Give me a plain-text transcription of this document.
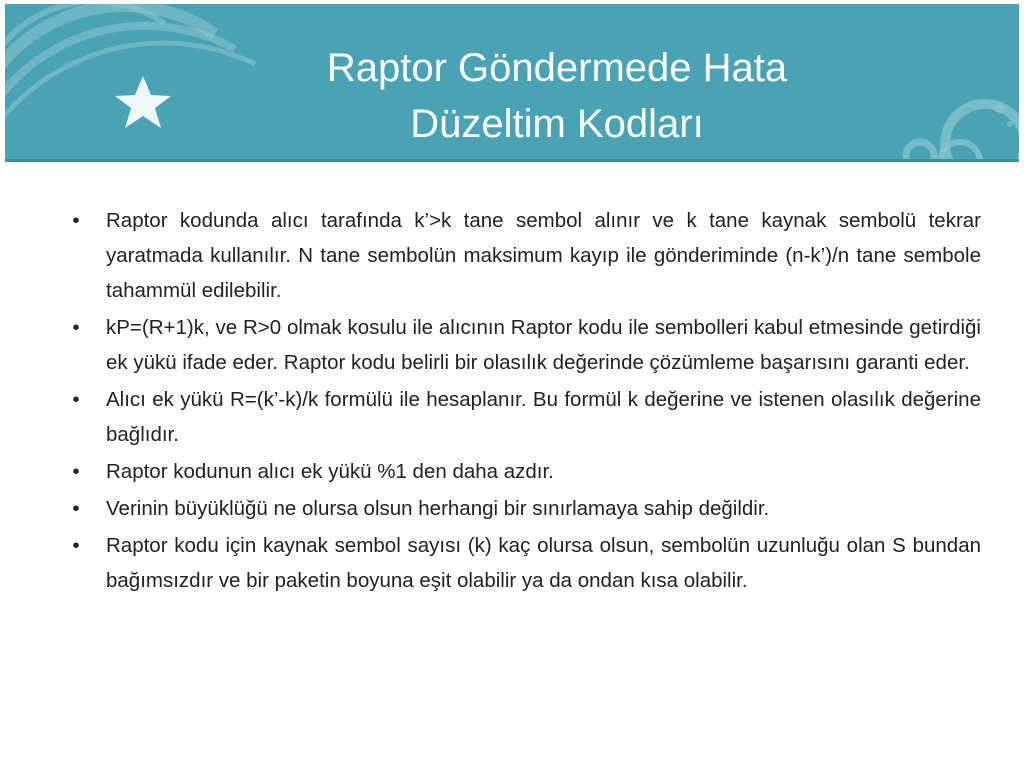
Raptor Göndermede Hata
Düzeltim Kodları
• Raptor kodunda alıcı tarafında k’>k tane sembol alınır ve k tane kaynak sembolü tekrar yaratmada kullanılır. N tane sembolün maksimum kayıp ile gönderiminde (n-k’)/n tane sembole tahammül edilebilir.
• kP=(R+1)k, ve R>0 olmak kosulu ile alıcının Raptor kodu ile sembolleri kabul etmesinde getirdiği ek yükü ifade eder. Raptor kodu belirli bir olasılık değerinde çözümleme başarısını garanti eder.
• Alıcı ek yükü R=(k’-k)/k formülü ile hesaplanır. Bu formül k değerine ve istenen olasılık değerine bağlıdır.
• Raptor kodunun alıcı ek yükü %1 den daha azdır.
• Verinin büyüklüğü ne olursa olsun herhangi bir sınırlamaya sahip değildir.
• Raptor kodu için kaynak sembol sayısı (k) kaç olursa olsun, sembolün uzunluğu olan S bundan bağımsızdır ve bir paketin boyuna eşit olabilir ya da ondan kısa olabilir.
